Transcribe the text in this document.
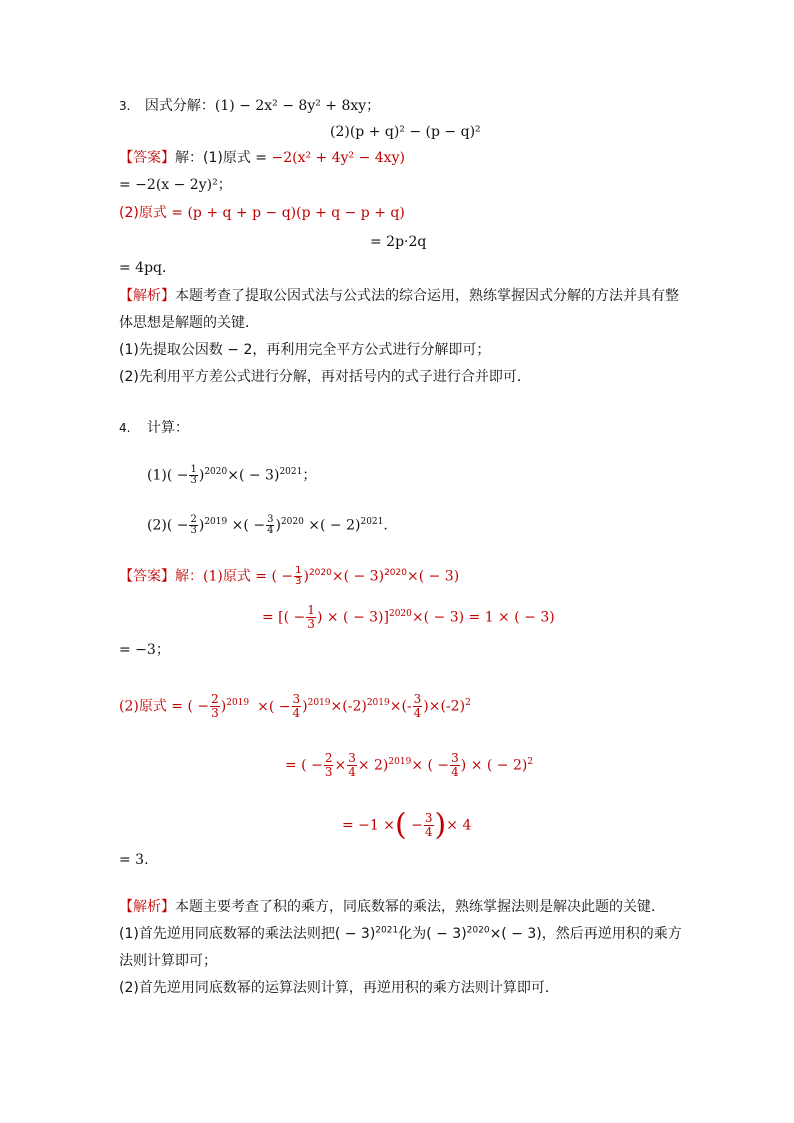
3. 因式分解：(1) − 2x² − 8y² + 8xy；
(2)(p + q)² − (p − q)²
【答案】解：(1)原式 = −2(x² + 4y² − 4xy)
= −2(x − 2y)²；
(2)原式 = (p + q + p − q)(p + q − p + q)
= 2p·2q
= 4pq．
【解析】本题考查了提取公因式法与公式法的综合运用，熟练掌握因式分解的方法并具有整
体思想是解题的关键．
(1)先提取公因数 − 2，再利用完全平方公式进行分解即可；
(2)先利用平方差公式进行分解，再对括号内的式子进行合并即可．
4. 计算：
$(1)( - \frac{1}{3} )^{2020}\times( - 3)^{2021}$；
$(2)( - \frac{2}{3} )^{2019}$ ×( − $\frac{3}{4} )^{2020}$ ×( − 2)$^{2021}$.
【答案】解：(1)原式 = ( − $\frac{1}{3} )^{2020}\times( - 3)^{2020}\times( - 3)$
= [( − $\frac{1}{3}$ ) × ( − 3)]$^{2020}$×( − 3) = 1 × ( − 3)
= −3；
(2)原式 = ( − $\frac{2}{3} )^{2019}$ ×( − $\frac{3}{4} )^{2019}\times(-2)^{2019}\times(- \frac{3}{4} )\times(-2)^2$
= ( − $\frac{2}{3} \times \frac{3}{4} \times 2)^{2019}\times$ ( − $\frac{3}{4}$ ) × ( − 2)$^2$
= −1 ×( − $\frac{3}{4}$ )× 4
= 3.
【解析】本题主要考查了积的乘方，同底数幂的乘法，熟练掌握法则是解决此题的关键．
(1)首先逆用同底数幂的乘法法则把( − 3)$^{2021}$化为( − 3)$^{2020}$×( − 3)，然后再逆用积的乘方
法则计算即可；
(2)首先逆用同底数幂的运算法则计算，再逆用积的乘方法则计算即可．
